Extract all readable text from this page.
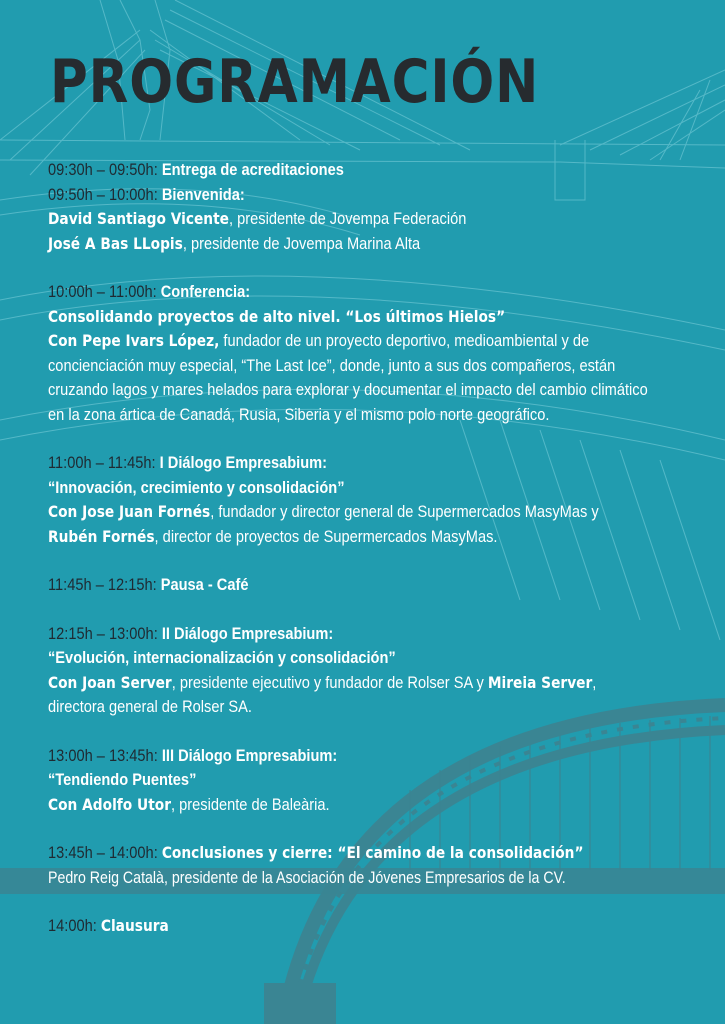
PROGRAMACIÓN
09:30h – 09:50h: Entrega de acreditaciones
09:50h – 10:00h: Bienvenida:
David Santiago Vicente, presidente de Jovempa Federación
José A Bas LLopis, presidente de Jovempa Marina Alta
10:00h – 11:00h: Conferencia:
Consolidando proyectos de alto nivel. “Los últimos Hielos”
Con Pepe Ivars López, fundador de un proyecto deportivo, medioambiental y de
concienciación muy especial, “The Last Ice”, donde, junto a sus dos compañeros, están
cruzando lagos y mares helados para explorar y documentar el impacto del cambio climático
en la zona ártica de Canadá, Rusia, Siberia y el mismo polo norte geográfico.
11:00h – 11:45h: I Diálogo Empresabium:
“Innovación, crecimiento y consolidación”
Con Jose Juan Fornés, fundador y director general de Supermercados MasyMas y
Rubén Fornés, director de proyectos de Supermercados MasyMas.
11:45h – 12:15h: Pausa - Café
12:15h – 13:00h: II Diálogo Empresabium:
“Evolución, internacionalización y consolidación”
Con Joan Server, presidente ejecutivo y fundador de Rolser SA y Mireia Server,
directora general de Rolser SA.
13:00h – 13:45h: III Diálogo Empresabium:
“Tendiendo Puentes”
Con Adolfo Utor, presidente de Baleària.
13:45h – 14:00h: Conclusiones y cierre: “El camino de la consolidación”
Pedro Reig Català, presidente de la Asociación de Jóvenes Empresarios de la CV.
14:00h: Clausura
